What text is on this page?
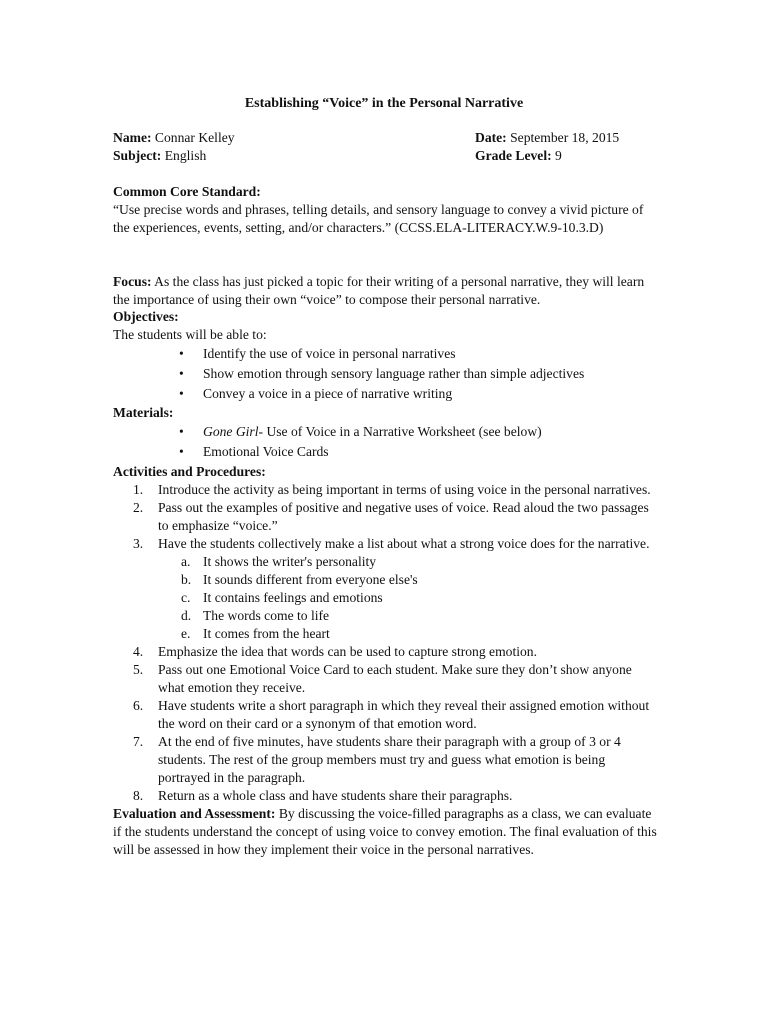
Establishing “Voice” in the Personal Narrative
Name: Connar Kelley	Date: September 18, 2015
Subject: English	Grade Level: 9
Common Core Standard:
“Use precise words and phrases, telling details, and sensory language to convey a vivid picture of the experiences, events, setting, and/or characters.” (CCSS.ELA-LITERACY.W.9-10.3.D)
Focus: As the class has just picked a topic for their writing of a personal narrative, they will learn the importance of using their own “voice” to compose their personal narrative.
Objectives:
The students will be able to:
• Identify the use of voice in personal narratives
• Show emotion through sensory language rather than simple adjectives
• Convey a voice in a piece of narrative writing
Materials:
• Gone Girl- Use of Voice in a Narrative Worksheet (see below)
• Emotional Voice Cards
Activities and Procedures:
1. Introduce the activity as being important in terms of using voice in the personal narratives.
2. Pass out the examples of positive and negative uses of voice. Read aloud the two passages to emphasize “voice.”
3. Have the students collectively make a list about what a strong voice does for the narrative.
a. It shows the writer's personality
b. It sounds different from everyone else's
c. It contains feelings and emotions
d. The words come to life
e. It comes from the heart
4. Emphasize the idea that words can be used to capture strong emotion.
5. Pass out one Emotional Voice Card to each student. Make sure they don’t show anyone what emotion they receive.
6. Have students write a short paragraph in which they reveal their assigned emotion without the word on their card or a synonym of that emotion word.
7. At the end of five minutes, have students share their paragraph with a group of 3 or 4 students. The rest of the group members must try and guess what emotion is being portrayed in the paragraph.
8. Return as a whole class and have students share their paragraphs.
Evaluation and Assessment: By discussing the voice-filled paragraphs as a class, we can evaluate if the students understand the concept of using voice to convey emotion. The final evaluation of this will be assessed in how they implement their voice in the personal narratives.
